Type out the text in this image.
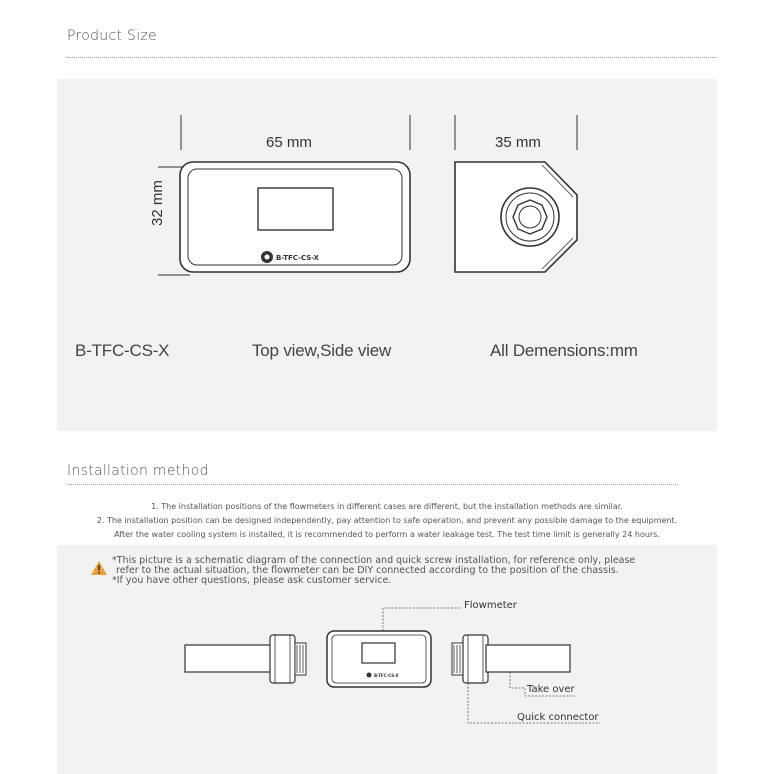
Product Size
B-TFC-CS-X
65 mm
32 mm
35 mm
B-TFC-CS-X	Top view,Side view	All Demensions:mm
Installation method
1. The installation positions of the flowmeters in different cases are different, but the installation methods are similar.
2. The installation position can be designed independently, pay attention to safe operation, and prevent any possible damage to the equipment.
After the water cooling system is installed, it is recommended to perform a water leakage test. The test time limit is generally 24 hours.
*This picture is a schematic diagram of the connection and quick screw installation, for reference only, please
refer to the actual situation, the flowmeter can be DIY connected according to the position of the chassis.
*If you have other questions, please ask customer service.
B-TFC-CS-X
Flowmeter
Take over
Quick connector
